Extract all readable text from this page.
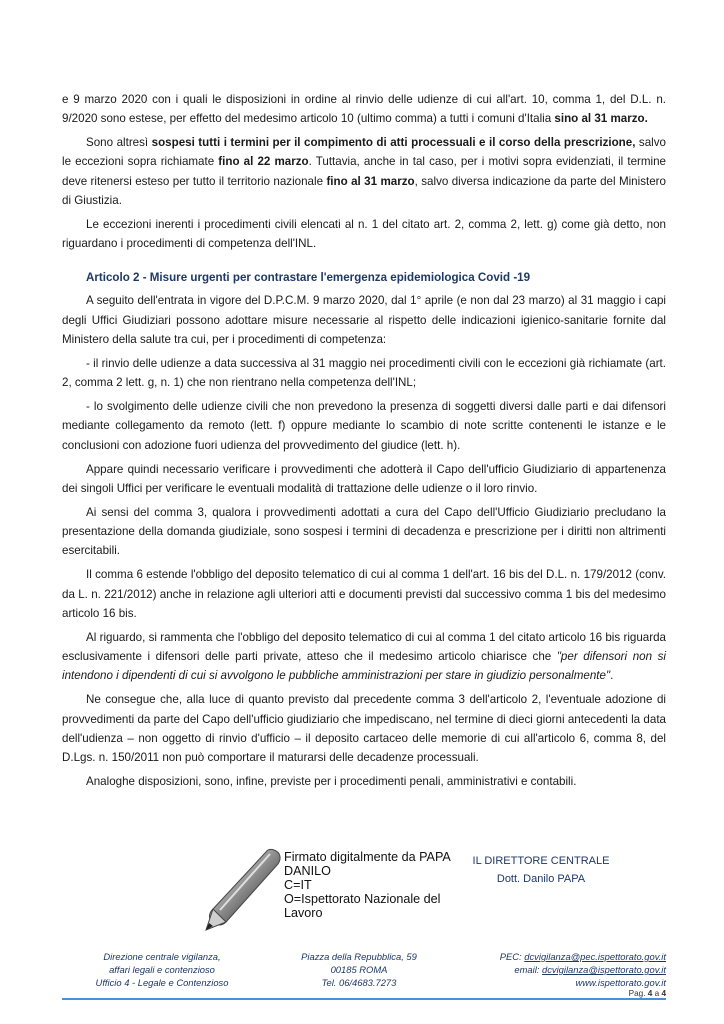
e 9 marzo 2020 con i quali le disposizioni in ordine al rinvio delle udienze di cui all'art. 10, comma 1, del D.L. n. 9/2020 sono estese, per effetto del medesimo articolo 10 (ultimo comma) a tutti i comuni d'Italia sino al 31 marzo.

Sono altresì sospesi tutti i termini per il compimento di atti processuali e il corso della prescrizione, salvo le eccezioni sopra richiamate fino al 22 marzo. Tuttavia, anche in tal caso, per i motivi sopra evidenziati, il termine deve ritenersi esteso per tutto il territorio nazionale fino al 31 marzo, salvo diversa indicazione da parte del Ministero di Giustizia.

Le eccezioni inerenti i procedimenti civili elencati al n. 1 del citato art. 2, comma 2, lett. g) come già detto, non riguardano i procedimenti di competenza dell'INL.

Articolo 2 - Misure urgenti per contrastare l'emergenza epidemiologica Covid -19

A seguito dell'entrata in vigore del D.P.C.M. 9 marzo 2020, dal 1° aprile (e non dal 23 marzo) al 31 maggio i capi degli Uffici Giudiziari possono adottare misure necessarie al rispetto delle indicazioni igienico-sanitarie fornite dal Ministero della salute tra cui, per i procedimenti di competenza:

- il rinvio delle udienze a data successiva al 31 maggio nei procedimenti civili con le eccezioni già richiamate (art. 2, comma 2 lett. g, n. 1) che non rientrano nella competenza dell'INL;

- lo svolgimento delle udienze civili che non prevedono la presenza di soggetti diversi dalle parti e dai difensori mediante collegamento da remoto (lett. f) oppure mediante lo scambio di note scritte contenenti le istanze e le conclusioni con adozione fuori udienza del provvedimento del giudice (lett. h).

Appare quindi necessario verificare i provvedimenti che adotterà il Capo dell'ufficio Giudiziario di appartenenza dei singoli Uffici per verificare le eventuali modalità di trattazione delle udienze o il loro rinvio.

Ai sensi del comma 3, qualora i provvedimenti adottati a cura del Capo dell'Ufficio Giudiziario precludano la presentazione della domanda giudiziale, sono sospesi i termini di decadenza e prescrizione per i diritti non altrimenti esercitabili.

Il comma 6 estende l'obbligo del deposito telematico di cui al comma 1 dell'art. 16 bis del D.L. n. 179/2012 (conv. da L. n. 221/2012) anche in relazione agli ulteriori atti e documenti previsti dal successivo comma 1 bis del medesimo articolo 16 bis.

Al riguardo, si rammenta che l'obbligo del deposito telematico di cui al comma 1 del citato articolo 16 bis riguarda esclusivamente i difensori delle parti private, atteso che il medesimo articolo chiarisce che "per difensori non si intendono i dipendenti di cui si avvolgono le pubbliche amministrazioni per stare in giudizio personalmente".

Ne consegue che, alla luce di quanto previsto dal precedente comma 3 dell'articolo 2, l'eventuale adozione di provvedimenti da parte del Capo dell'ufficio giudiziario che impediscano, nel termine di dieci giorni antecedenti la data dell'udienza – non oggetto di rinvio d'ufficio – il deposito cartaceo delle memorie di cui all'articolo 6, comma 8, del D.Lgs. n. 150/2011 non può comportare il maturarsi delle decadenze processuali.

Analoghe disposizioni, sono, infine, previste per i procedimenti penali, amministrativi e contabili.

Firmato digitalmente da PAPA
DANILO
C=IT
O=Ispettorato Nazionale del
Lavoro
IL DIRETTORE CENTRALE
Dott. Danilo PAPA
Direzione centrale vigilanza,
affari legali e contenzioso
Ufficio 4 - Legale e Contenzioso
Piazza della Repubblica, 59
00185 ROMA
Tel. 06/4683.7273
PEC: dcvigilanza@pec.ispettorato.gov.it
email: dcvigilanza@ispettorato.gov.it
www.ispettorato.gov.it
Pag. 4 a 4
